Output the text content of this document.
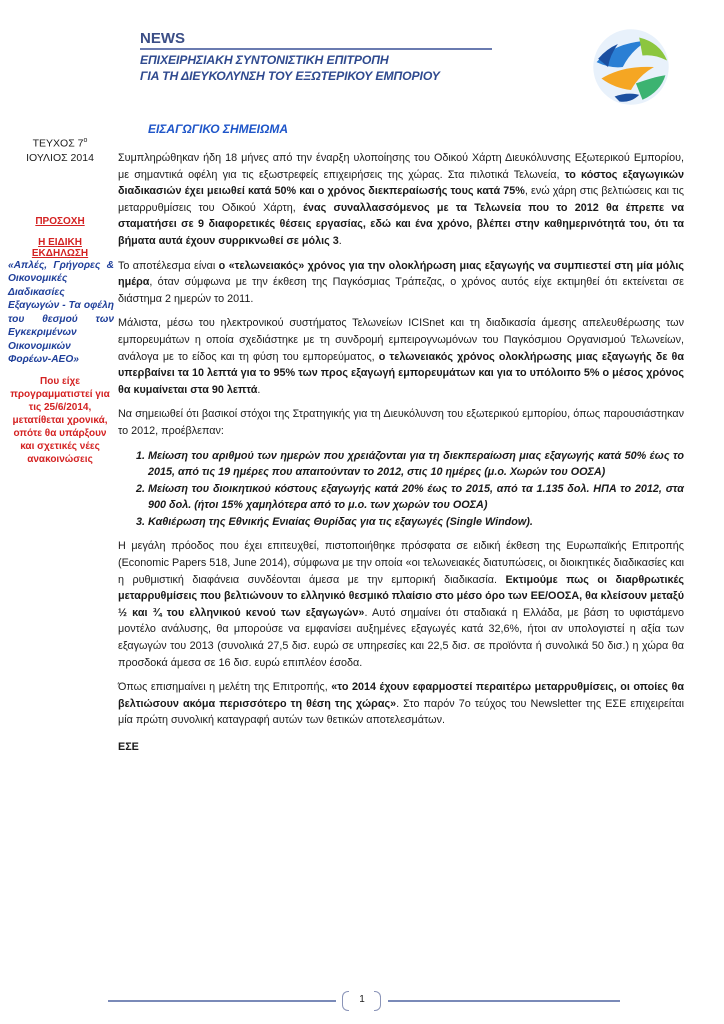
NEWS
ΕΠΙΧΕΙΡΗΣΙΑΚΗ ΣΥΝΤΟΝΙΣΤΙΚΗ ΕΠΙΤΡΟΠΗ
ΓΙΑ ΤΗ ΔΙΕΥΚΟΛΥΝΣΗ ΤΟΥ ΕΞΩΤΕΡΙΚΟΥ ΕΜΠΟΡΙΟΥ
ΕΙΣΑΓΩΓΙΚΟ ΣΗΜΕΙΩΜΑ
ΤΕΥΧΟΣ $7^o$
ΙΟΥΛΙΟΣ 2014
ΠΡΟΣΟΧΗ
Η ΕΙΔΙΚΗ
ΕΚΔΗΛΩΣΗ
«Απλές, Γρήγορες & Οικονομικές Διαδικασίες Εξαγωγών - Τα οφέλη του θεσμού των Εγκεκριμένων Οικονομικών Φορέων-ΑΕΟ»
Που είχε προγραμματιστεί για τις 25/6/2014, μετατίθεται χρονικά, οπότε θα υπάρξουν και σχετικές νέες ανακοινώσεις

Συμπληρώθηκαν ήδη 18 μήνες από την έναρξη υλοποίησης του Οδικού Χάρτη Διευκόλυνσης Εξωτερικού Εμπορίου, με σημαντικά οφέλη για τις εξωστρεφείς επιχειρήσεις της χώρας. Στα πιλοτικά Τελωνεία, το κόστος εξαγωγικών διαδικασιών έχει μειωθεί κατά 50% και ο χρόνος διεκπεραίωσής τους κατά 75%, ενώ χάρη στις βελτιώσεις και τις μεταρρυθμίσεις του Οδικού Χάρτη, ένας συναλλασσόμενος με τα Τελωνεία που το 2012 θα έπρεπε να σταματήσει σε 9 διαφορετικές θέσεις εργασίας, εδώ και ένα χρόνο, βλέπει στην καθημερινότητά του, ότι τα βήματα αυτά έχουν συρρικνωθεί σε μόλις 3.

Το αποτέλεσμα είναι ο «τελωνειακός» χρόνος για την ολοκλήρωση μιας εξαγωγής να συμπιεστεί στη μία μόλις ημέρα, όταν σύμφωνα με την έκθεση της Παγκόσμιας Τράπεζας, ο χρόνος αυτός είχε εκτιμηθεί ότι εκτείνεται σε διάστημα 2 ημερών το 2011.

Μάλιστα, μέσω του ηλεκτρονικού συστήματος Τελωνείων ICISnet και τη διαδικασία άμεσης απελευθέρωσης των εμπορευμάτων η οποία σχεδιάστηκε με τη συνδρομή εμπειρογνωμόνων του Παγκόσμιου Οργανισμού Τελωνείων, ανάλογα με το είδος και τη φύση του εμπορεύματος, ο τελωνειακός χρόνος ολοκλήρωσης μιας εξαγωγής δε θα υπερβαίνει τα 10 λεπτά για το 95% των προς εξαγωγή εμπορευμάτων και για το υπόλοιπο 5% ο μέσος χρόνος θα κυμαίνεται στα 90 λεπτά.

Να σημειωθεί ότι βασικοί στόχοι της Στρατηγικής για τη Διευκόλυνση του εξωτερικού εμπορίου, όπως παρουσιάστηκαν το 2012, προέβλεπαν:

1. Μείωση του αριθμού των ημερών που χρειάζονται για τη διεκπεραίωση μιας εξαγωγής κατά 50% έως το 2015, από τις 19 ημέρες που απαιτούνταν το 2012, στις 10 ημέρες (μ.ο. Χωρών του ΟΟΣΑ)
2. Μείωση του διοικητικού κόστους εξαγωγής κατά 20% έως το 2015, από τα 1.135 δολ. ΗΠΑ το 2012, στα 900 δολ. (ήτοι 15% χαμηλότερα από το μ.ο. των χωρών του ΟΟΣΑ)
3. Καθιέρωση της Εθνικής Ενιαίας Θυρίδας για τις εξαγωγές (Single Window).

Η μεγάλη πρόοδος που έχει επιτευχθεί, πιστοποιήθηκε πρόσφατα σε ειδική έκθεση της Ευρωπαϊκής Επιτροπής (Economic Papers 518, June 2014), σύμφωνα με την οποία «οι τελωνειακές διατυπώσεις, οι διοικητικές διαδικασίες και η ρυθμιστική διαφάνεια συνδέονται άμεσα με την εμπορική διαδικασία. Εκτιμούμε πως οι διαρθρωτικές μεταρρυθμίσεις που βελτιώνουν το ελληνικό θεσμικό πλαίσιο στο μέσο όρο των ΕΕ/ΟΟΣΑ, θα κλείσουν μεταξύ ½ και ¾ του ελληνικού κενού των εξαγωγών». Αυτό σημαίνει ότι σταδιακά η Ελλάδα, με βάση το υφιστάμενο μοντέλο ανάλυσης, θα μπορούσε να εμφανίσει αυξημένες εξαγωγές κατά 32,6%, ήτοι αν υπολογιστεί η αξία των εξαγωγών του 2013 (συνολικά 27,5 δισ. ευρώ σε υπηρεσίες και 22,5 δισ. σε προϊόντα ή συνολικά 50 δισ.) η χώρα θα προσδοκά άμεσα σε 16 δισ. ευρώ επιπλέον έσοδα.

Όπως επισημαίνει η μελέτη της Επιτροπής, «το 2014 έχουν εφαρμοστεί περαιτέρω μεταρρυθμίσεις, οι οποίες θα βελτιώσουν ακόμα περισσότερο τη θέση της χώρας». Στο παρόν 7ο τεύχος του Newsletter της ΕΣΕ επιχειρείται μία πρώτη συνολική καταγραφή αυτών των θετικών αποτελεσμάτων.

ΕΣΕ
1
